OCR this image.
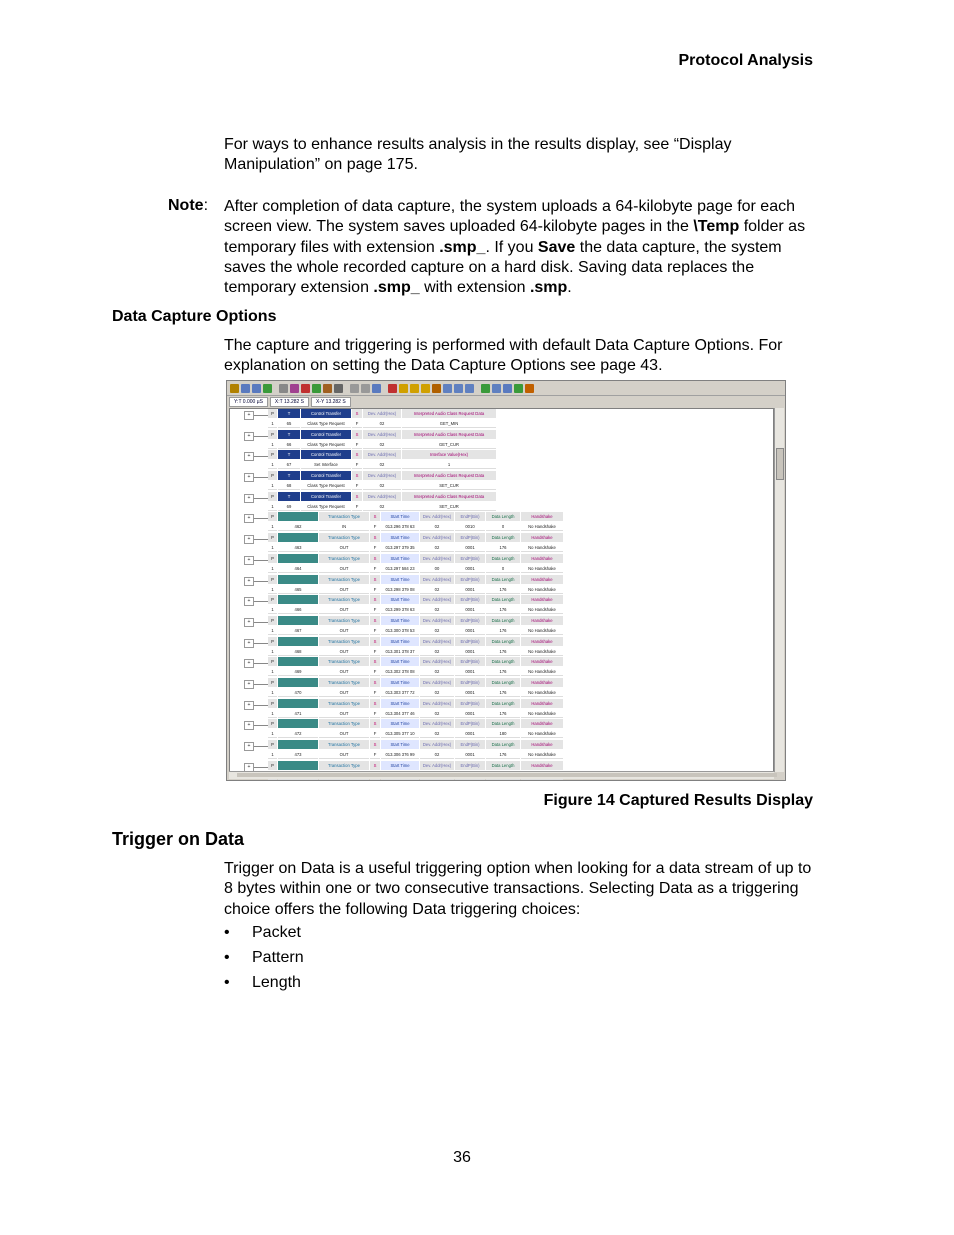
Protocol Analysis
For ways to enhance results analysis in the results display, see “Display Manipulation” on page 175.
Note: After completion of data capture, the system uploads a 64-kilobyte page for each screen view. The system saves uploaded 64-kilobyte pages in the \Temp folder as temporary files with extension .smp_. If you Save the data capture, the system saves the whole recorded capture on a hard disk. Saving data replaces the temporary extension .smp_ with extension .smp.
Data Capture Options
The capture and triggering is performed with default Data Capture Options. For explanation on setting the Data Capture Options see page 43.
Y:T 0.000 µS	X:T 13.282 S	X-Y 13.282 S
+	P	T	Control Transfer	S	Dev. Addr(Hex)	Interpreted Audio Class Request Data
1	65	Class Type Request	F	02	GET_MIN
+	P	T	Control Transfer	S	Dev. Addr(Hex)	Interpreted Audio Class Request Data
1	66	Class Type Request	F	02	GET_CUR
+	P	T	Control Transfer	S	Dev. Addr(Hex)	Interface Value(Hex)
1	67	Set Interface	F	02	1
+	P	T	Control Transfer	S	Dev. Addr(Hex)	Interpreted Audio Class Request Data
1	68	Class Type Request	F	02	SET_CUR
+	P	T	Control Transfer	S	Dev. Addr(Hex)	Interpreted Audio Class Request Data
1	69	Class Type Request	F	02	SET_CUR
+	P	Transaction Type	S	Start Time	Dev. Addr(Hex)	EndP(Bin)	Data Length	Handshake
1	462	IN	F	013.296 378 63	02	0010	0	No Handshake
+	P	Transaction Type	S	Start Time	Dev. Addr(Hex)	EndP(Bin)	Data Length	Handshake
1	463	OUT	F	013.297 379 35	02	0001	176	No Handshake
+	P	Transaction Type	S	Start Time	Dev. Addr(Hex)	EndP(Bin)	Data Length	Handshake
1	464	OUT	F	013.297 584 23	00	0001	0	No Handshake
+	P	Transaction Type	S	Start Time	Dev. Addr(Hex)	EndP(Bin)	Data Length	Handshake
1	465	OUT	F	013.298 379 08	02	0001	176	No Handshake
+	P	Transaction Type	S	Start Time	Dev. Addr(Hex)	EndP(Bin)	Data Length	Handshake
1	466	OUT	F	013.299 378 63	02	0001	176	No Handshake
+	P	Transaction Type	S	Start Time	Dev. Addr(Hex)	EndP(Bin)	Data Length	Handshake
1	467	OUT	F	013.300 378 53	02	0001	176	No Handshake
+	P	Transaction Type	S	Start Time	Dev. Addr(Hex)	EndP(Bin)	Data Length	Handshake
1	468	OUT	F	013.301 378 37	02	0001	176	No Handshake
+	P	Transaction Type	S	Start Time	Dev. Addr(Hex)	EndP(Bin)	Data Length	Handshake
1	469	OUT	F	013.302 378 08	02	0001	176	No Handshake
+	P	Transaction Type	S	Start Time	Dev. Addr(Hex)	EndP(Bin)	Data Length	Handshake
1	470	OUT	F	013.303 377 72	02	0001	176	No Handshake
+	P	Transaction Type	S	Start Time	Dev. Addr(Hex)	EndP(Bin)	Data Length	Handshake
1	471	OUT	F	013.304 377 46	02	0001	176	No Handshake
+	P	Transaction Type	S	Start Time	Dev. Addr(Hex)	EndP(Bin)	Data Length	Handshake
1	472	OUT	F	013.305 377 10	02	0001	180	No Handshake
+	P	Transaction Type	S	Start Time	Dev. Addr(Hex)	EndP(Bin)	Data Length	Handshake
1	473	OUT	F	013.306 376 99	02	0001	176	No Handshake
+	P	Transaction Type	S	Start Time	Dev. Addr(Hex)	EndP(Bin)	Data Length	Handshake
Figure 14 Captured Results Display
Trigger on Data
Trigger on Data is a useful triggering option when looking for a data stream of up to 8 bytes within one or two consecutive transactions. Selecting Data as a triggering choice offers the following Data triggering choices:
• Packet
• Pattern
• Length
36
